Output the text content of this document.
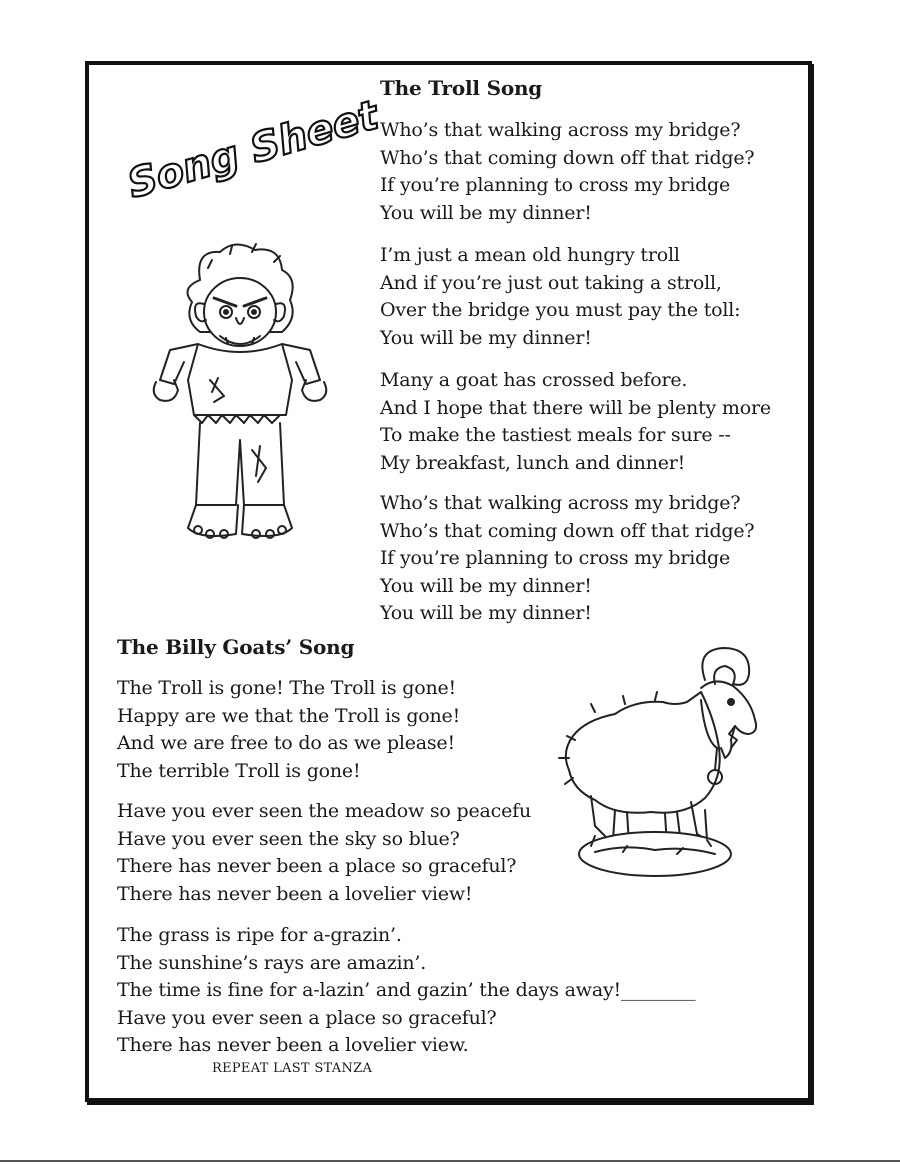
Song Sheet
The Troll Song
Who’s that walking across my bridge?
Who’s that coming down off that ridge?
If you’re planning to cross my bridge
You will be my dinner!
I’m just a mean old hungry troll
And if you’re just out taking a stroll,
Over the bridge you must pay the toll:
You will be my dinner!
Many a goat has crossed before.
And I hope that there will be plenty more
To make the tastiest meals for sure --
My breakfast, lunch and dinner!
Who’s that walking across my bridge?
Who’s that coming down off that ridge?
If you’re planning to cross my bridge
You will be my dinner!
You will be my dinner!
The Billy Goats’ Song
The Troll is gone! The Troll is gone!
Happy are we that the Troll is gone!
And we are free to do as we please!
The terrible Troll is gone!
Have you ever seen the meadow so peacefu
Have you ever seen the sky so blue?
There has never been a place so graceful?
There has never been a lovelier view!
The grass is ripe for a-grazin’.
The sunshine’s rays are amazin’.
The time is fine for a-lazin’ and gazin’ the days away!________
Have you ever seen a place so graceful?
There has never been a lovelier view.
REPEAT LAST STANZA
